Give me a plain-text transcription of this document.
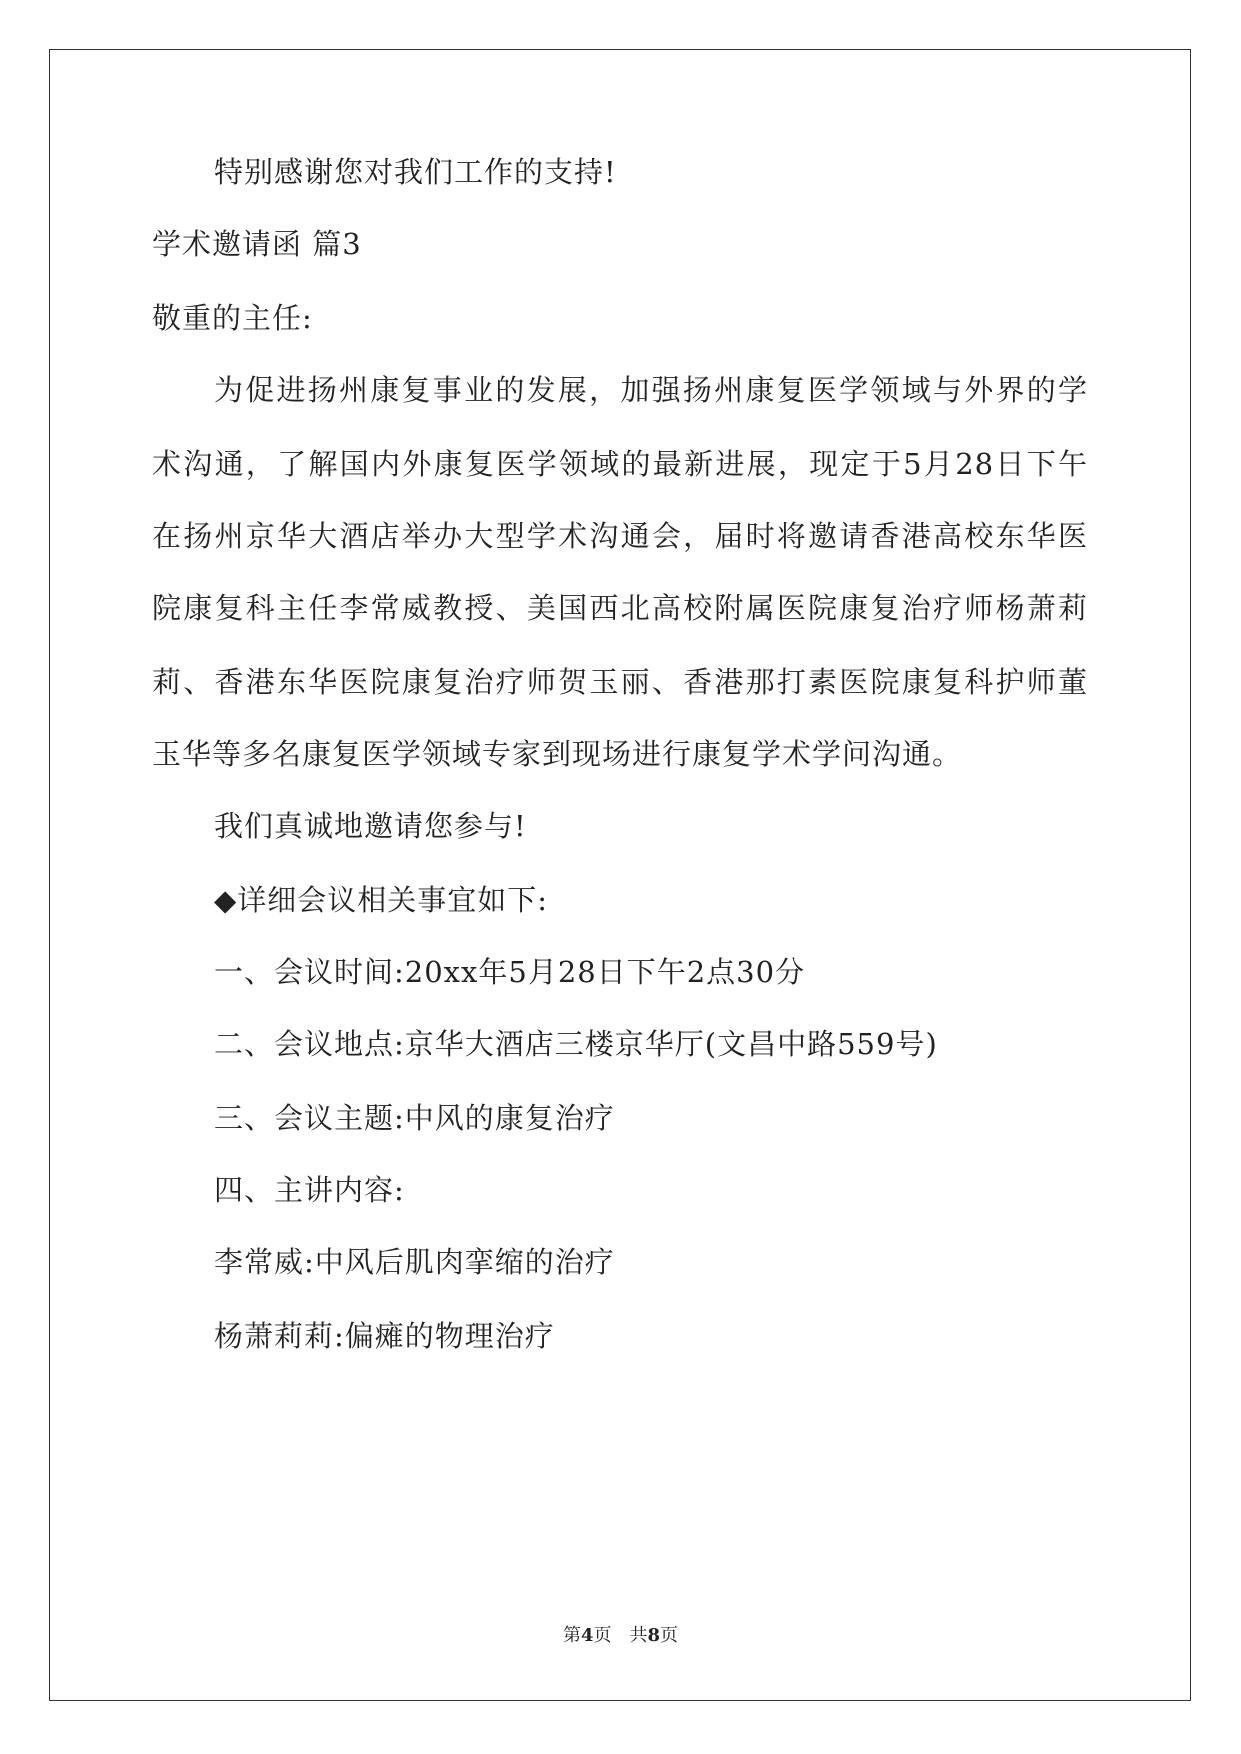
特别感谢您对我们工作的支持!
学术邀请函 篇3
敬重的主任:
为促进扬州康复事业的发展，加强扬州康复医学领域与外界的学
术沟通，了解国内外康复医学领域的最新进展，现定于5月28日下午
在扬州京华大酒店举办大型学术沟通会，届时将邀请香港高校东华医
院康复科主任李常威教授、美国西北高校附属医院康复治疗师杨萧莉
莉、香港东华医院康复治疗师贺玉丽、香港那打素医院康复科护师董
玉华等多名康复医学领域专家到现场进行康复学术学问沟通。
我们真诚地邀请您参与!
◆详细会议相关事宜如下:
一、会议时间:20xx年5月28日下午2点30分
二、会议地点:京华大酒店三楼京华厅(文昌中路559号)
三、会议主题:中风的康复治疗
四、主讲内容:
李常威:中风后肌肉挛缩的治疗
杨萧莉莉:偏瘫的物理治疗
第4页　共8页
